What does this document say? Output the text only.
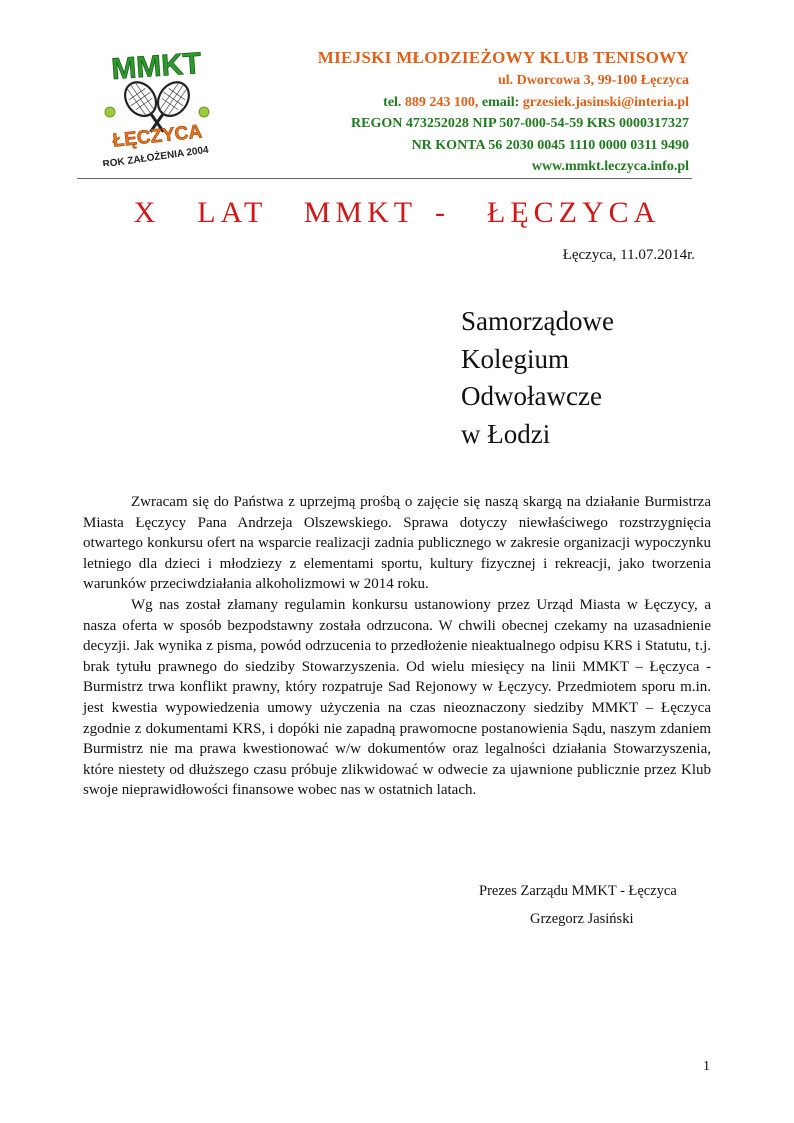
MMKT
ŁĘCZYCA
ROK ZAŁOŻENIA 2004
MIEJSKI MŁODZIEŻOWY KLUB TENISOWY
ul. Dworcowa 3, 99-100 Łęczyca
tel. 889 243 100, email: grzesiek.jasinski@interia.pl
REGON 473252028 NIP 507-000-54-59 KRS 0000317327
NR KONTA 56 2030 0045 1110 0000 0311 9490
www.mmkt.leczyca.info.pl
X  LAT  MMKT -  ŁĘCZYCA
Łęczyca, 11.07.2014r.
Samorządowe
Kolegium
Odwoławcze
w Łodzi

Zwracam się do Państwa z uprzejmą prośbą o zajęcie się naszą skargą na działanie Burmistrza Miasta Łęczycy Pana Andrzeja Olszewskiego. Sprawa dotyczy niewłaściwego rozstrzygnięcia otwartego konkursu ofert na wsparcie realizacji zadnia publicznego w zakresie organizacji wypoczynku letniego dla dzieci i młodziezy z elementami sportu, kultury fizycznej i rekreacji, jako tworzenia warunków przeciwdziałania alkoholizmowi w 2014 roku.

Wg nas został złamany regulamin konkursu ustanowiony przez Urząd Miasta w Łęczycy, a nasza oferta w sposób bezpodstawny została odrzucona. W chwili obecnej czekamy na uzasadnienie decyzji. Jak wynika z pisma, powód odrzucenia to przedłożenie nieaktualnego odpisu KRS i Statutu, t.j. brak tytułu prawnego do siedziby Stowarzyszenia. Od wielu miesięcy na linii MMKT – Łęczyca - Burmistrz trwa konflikt prawny, który rozpatruje Sad Rejonowy w Łęczycy. Przedmiotem sporu m.in. jest kwestia wypowiedzenia umowy użyczenia na czas nieoznaczony siedziby MMKT – Łęczyca zgodnie z dokumentami KRS, i dopóki nie zapadną prawomocne postanowienia Sądu, naszym zdaniem Burmistrz nie ma prawa kwestionować w/w dokumentów oraz legalności działania Stowarzyszenia, które niestety od dłuższego czasu próbuje zlikwidować w odwecie za ujawnione publicznie przez Klub swoje nieprawidłowości finansowe wobec nas w ostatnich latach.

Prezes Zarządu MMKT - Łęczyca
Grzegorz Jasiński
1
